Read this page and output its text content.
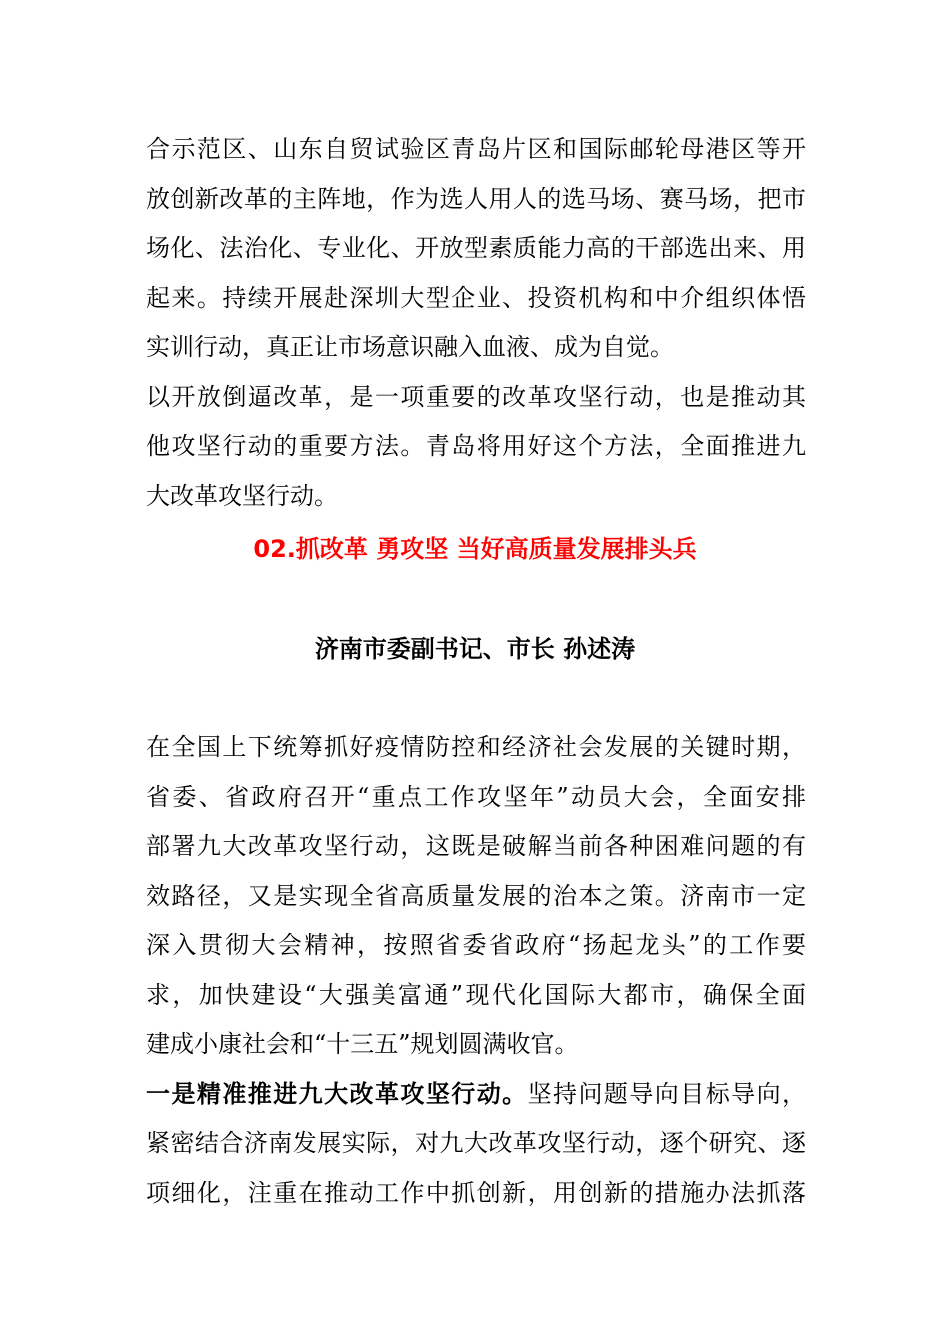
合示范区、山东自贸试验区青岛片区和国际邮轮母港区等开
放创新改革的主阵地，作为选人用人的选马场、赛马场，把市
场化、法治化、专业化、开放型素质能力高的干部选出来、用
起来。持续开展赴深圳大型企业、投资机构和中介组织体悟
实训行动，真正让市场意识融入血液、成为自觉。
以开放倒逼改革，是一项重要的改革攻坚行动，也是推动其
他攻坚行动的重要方法。青岛将用好这个方法，全面推进九
大改革攻坚行动。
02.抓改革 勇攻坚 当好高质量发展排头兵
济南市委副书记、市长 孙述涛
在全国上下统筹抓好疫情防控和经济社会发展的关键时期，
省委、省政府召开“重点工作攻坚年”动员大会，全面安排
部署九大改革攻坚行动，这既是破解当前各种困难问题的有
效路径，又是实现全省高质量发展的治本之策。济南市一定
深入贯彻大会精神，按照省委省政府“扬起龙头”的工作要
求，加快建设“大强美富通”现代化国际大都市，确保全面
建成小康社会和“十三五”规划圆满收官。
一是精准推进九大改革攻坚行动。坚持问题导向目标导向，
紧密结合济南发展实际，对九大改革攻坚行动，逐个研究、逐
项细化，注重在推动工作中抓创新，用创新的措施办法抓落
